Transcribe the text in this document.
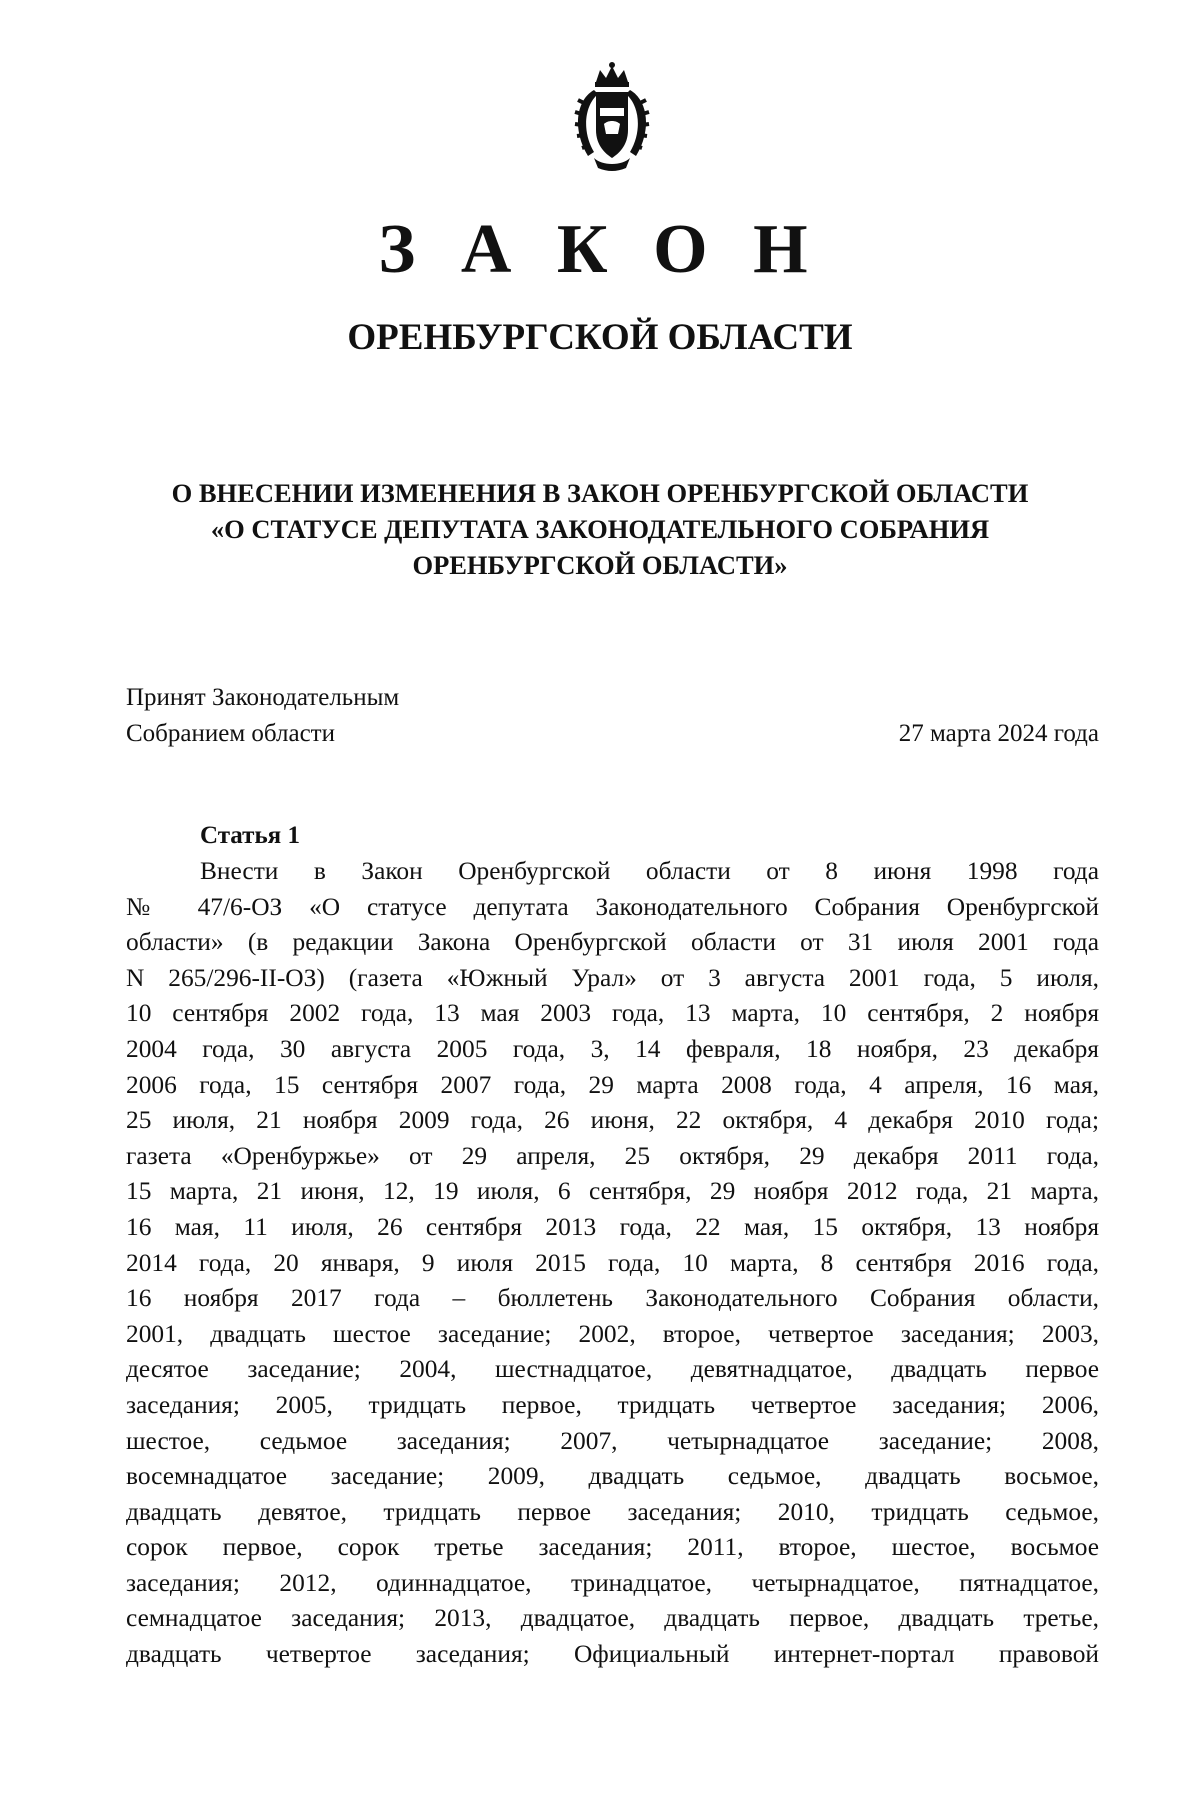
З А К О Н
ОРЕНБУРГСКОЙ ОБЛАСТИ
О ВНЕСЕНИИ ИЗМЕНЕНИЯ В ЗАКОН ОРЕНБУРГСКОЙ ОБЛАСТИ
«О СТАТУСЕ ДЕПУТАТА ЗАКОНОДАТЕЛЬНОГО СОБРАНИЯ
ОРЕНБУРГСКОЙ ОБЛАСТИ»
Принят Законодательным
Собранием области	27 марта 2024 года
Статья 1
Внести в Закон Оренбургской области от 8 июня 1998 года
№ 47/6-ОЗ «О статусе депутата Законодательного Собрания Оренбургской
области» (в редакции Закона Оренбургской области от 31 июля 2001 года
N 265/296-II-ОЗ) (газета «Южный Урал» от 3 августа 2001 года, 5 июля,
10 сентября 2002 года, 13 мая 2003 года, 13 марта, 10 сентября, 2 ноября
2004 года, 30 августа 2005 года, 3, 14 февраля, 18 ноября, 23 декабря
2006 года, 15 сентября 2007 года, 29 марта 2008 года, 4 апреля, 16 мая,
25 июля, 21 ноября 2009 года, 26 июня, 22 октября, 4 декабря 2010 года;
газета «Оренбуржье» от 29 апреля, 25 октября, 29 декабря 2011 года,
15 марта, 21 июня, 12, 19 июля, 6 сентября, 29 ноября 2012 года, 21 марта,
16 мая, 11 июля, 26 сентября 2013 года, 22 мая, 15 октября, 13 ноября
2014 года, 20 января, 9 июля 2015 года, 10 марта, 8 сентября 2016 года,
16 ноября 2017 года – бюллетень Законодательного Собрания области,
2001, двадцать шестое заседание; 2002, второе, четвертое заседания; 2003,
десятое заседание; 2004, шестнадцатое, девятнадцатое, двадцать первое
заседания; 2005, тридцать первое, тридцать четвертое заседания; 2006,
шестое, седьмое заседания; 2007, четырнадцатое заседание; 2008,
восемнадцатое заседание; 2009, двадцать седьмое, двадцать восьмое,
двадцать девятое, тридцать первое заседания; 2010, тридцать седьмое,
сорок первое, сорок третье заседания; 2011, второе, шестое, восьмое
заседания; 2012, одиннадцатое, тринадцатое, четырнадцатое, пятнадцатое,
семнадцатое заседания; 2013, двадцатое, двадцать первое, двадцать третье,
двадцать четвертое заседания; Официальный интернет-портал правовой
